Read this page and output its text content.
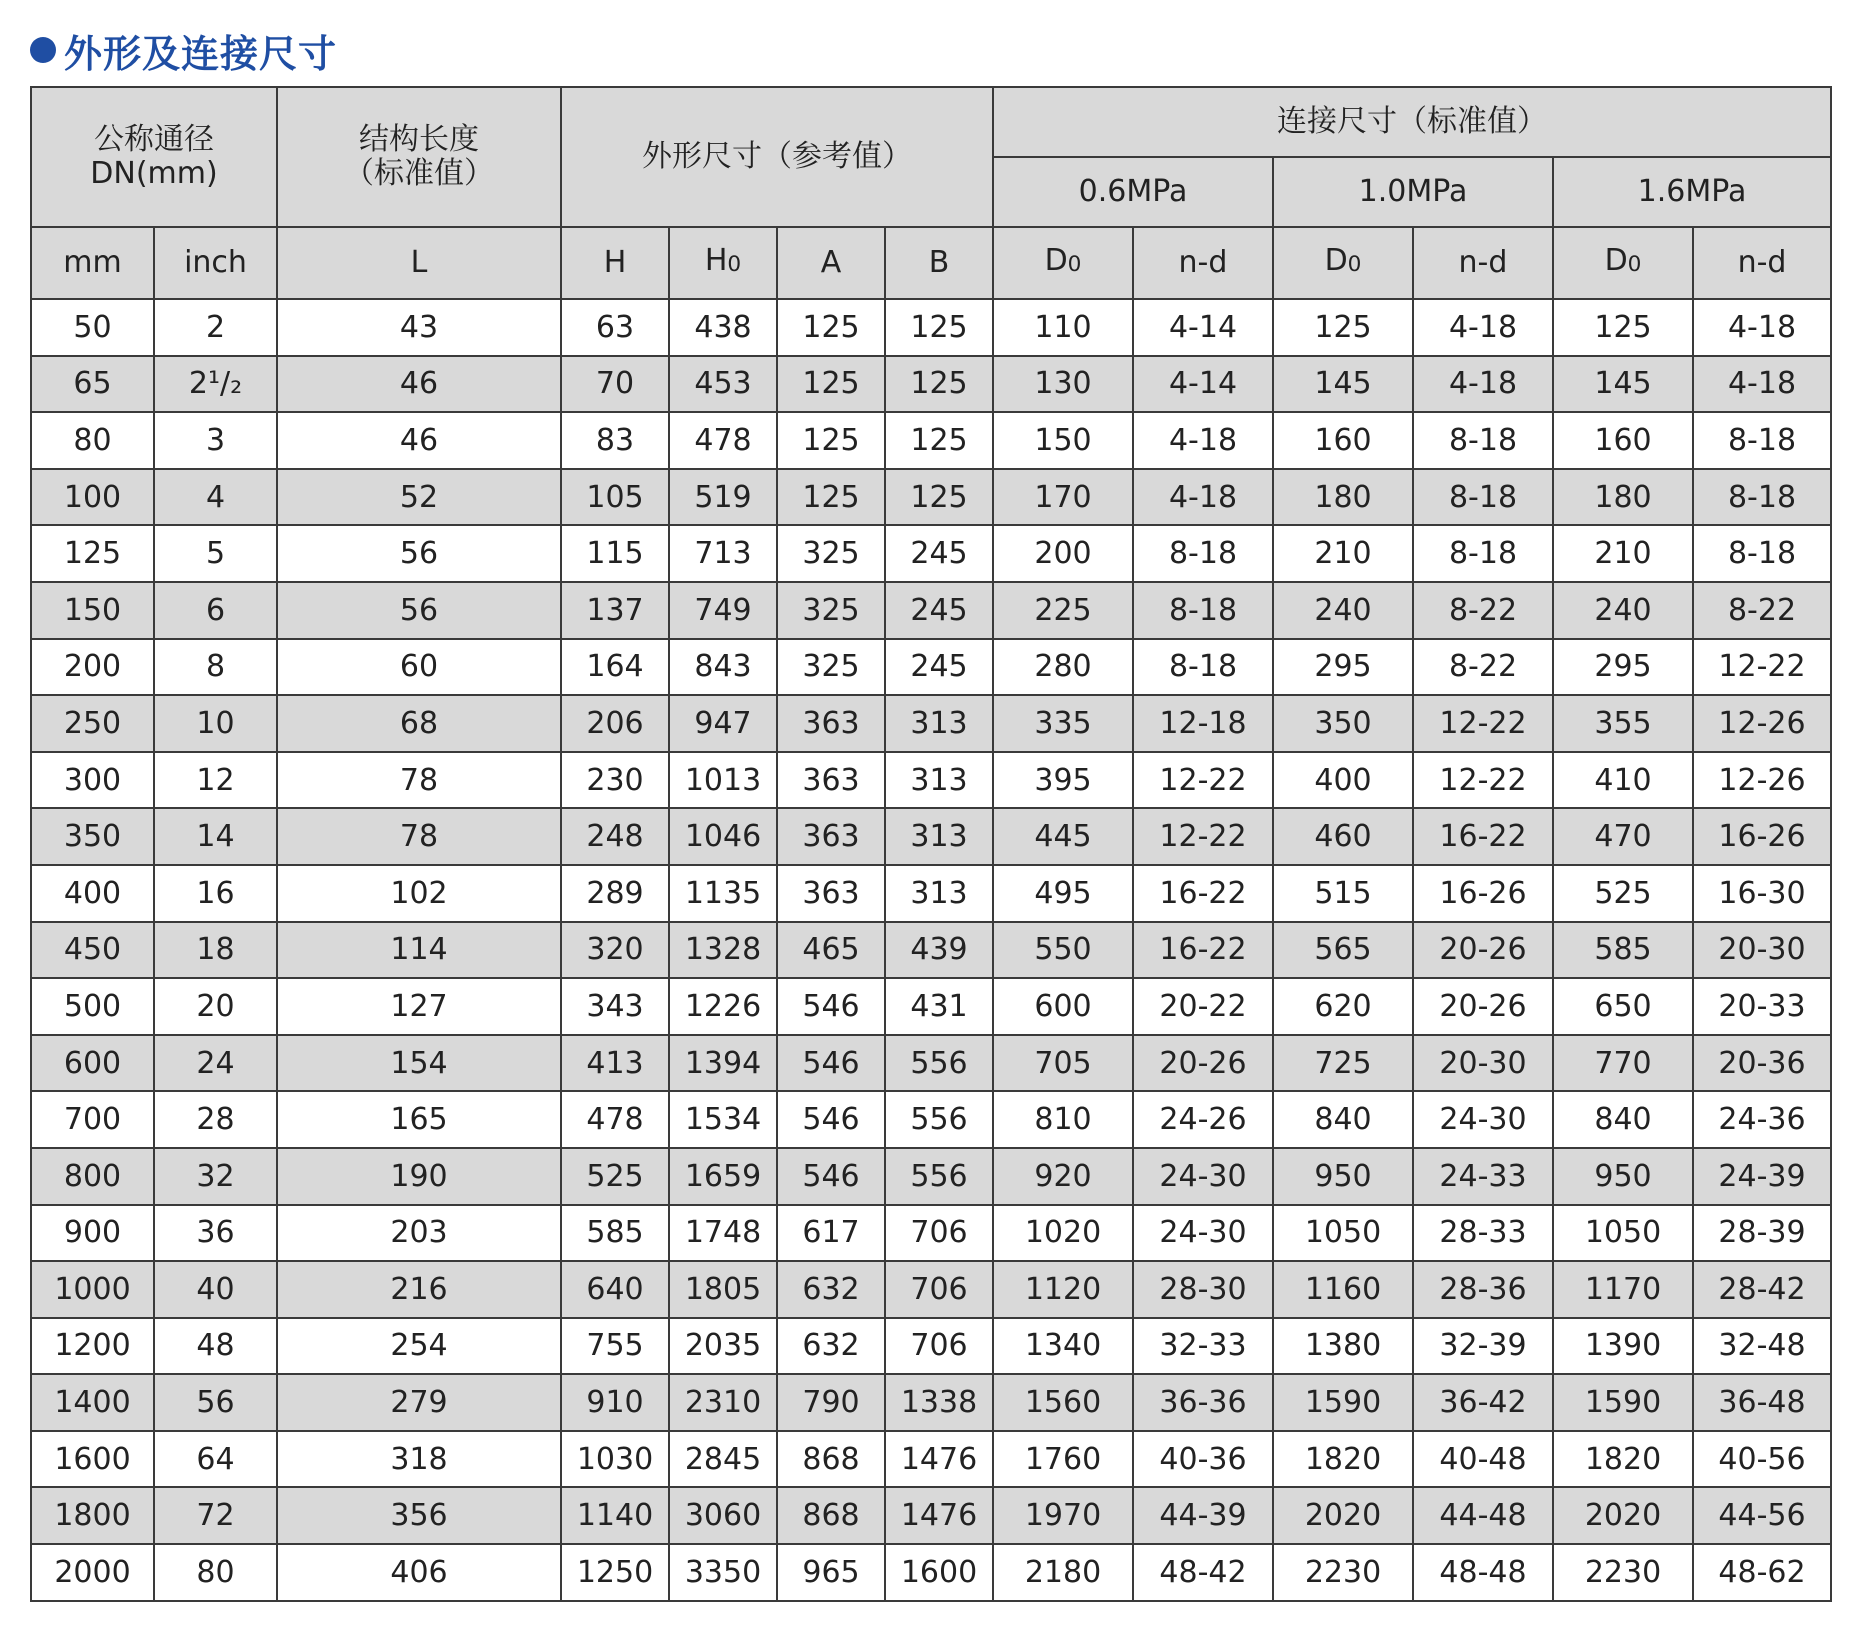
外形及连接尺寸
公称通径
DN(mm)		结构长度
（标准值）	外形尺寸（参考值）				连接尺寸（标准值）					
							0.6MPa		1.0MPa		1.6MPa	
mm	inch	L	H	H0	A	B	D0	n-d	D0	n-d	D0	n-d
50	2	43	63	438	125	125	110	4-14	125	4-18	125	4-18
65	2¹/₂	46	70	453	125	125	130	4-14	145	4-18	145	4-18
80	3	46	83	478	125	125	150	4-18	160	8-18	160	8-18
100	4	52	105	519	125	125	170	4-18	180	8-18	180	8-18
125	5	56	115	713	325	245	200	8-18	210	8-18	210	8-18
150	6	56	137	749	325	245	225	8-18	240	8-22	240	8-22
200	8	60	164	843	325	245	280	8-18	295	8-22	295	12-22
250	10	68	206	947	363	313	335	12-18	350	12-22	355	12-26
300	12	78	230	1013	363	313	395	12-22	400	12-22	410	12-26
350	14	78	248	1046	363	313	445	12-22	460	16-22	470	16-26
400	16	102	289	1135	363	313	495	16-22	515	16-26	525	16-30
450	18	114	320	1328	465	439	550	16-22	565	20-26	585	20-30
500	20	127	343	1226	546	431	600	20-22	620	20-26	650	20-33
600	24	154	413	1394	546	556	705	20-26	725	20-30	770	20-36
700	28	165	478	1534	546	556	810	24-26	840	24-30	840	24-36
800	32	190	525	1659	546	556	920	24-30	950	24-33	950	24-39
900	36	203	585	1748	617	706	1020	24-30	1050	28-33	1050	28-39
1000	40	216	640	1805	632	706	1120	28-30	1160	28-36	1170	28-42
1200	48	254	755	2035	632	706	1340	32-33	1380	32-39	1390	32-48
1400	56	279	910	2310	790	1338	1560	36-36	1590	36-42	1590	36-48
1600	64	318	1030	2845	868	1476	1760	40-36	1820	40-48	1820	40-56
1800	72	356	1140	3060	868	1476	1970	44-39	2020	44-48	2020	44-56
2000	80	406	1250	3350	965	1600	2180	48-42	2230	48-48	2230	48-62
